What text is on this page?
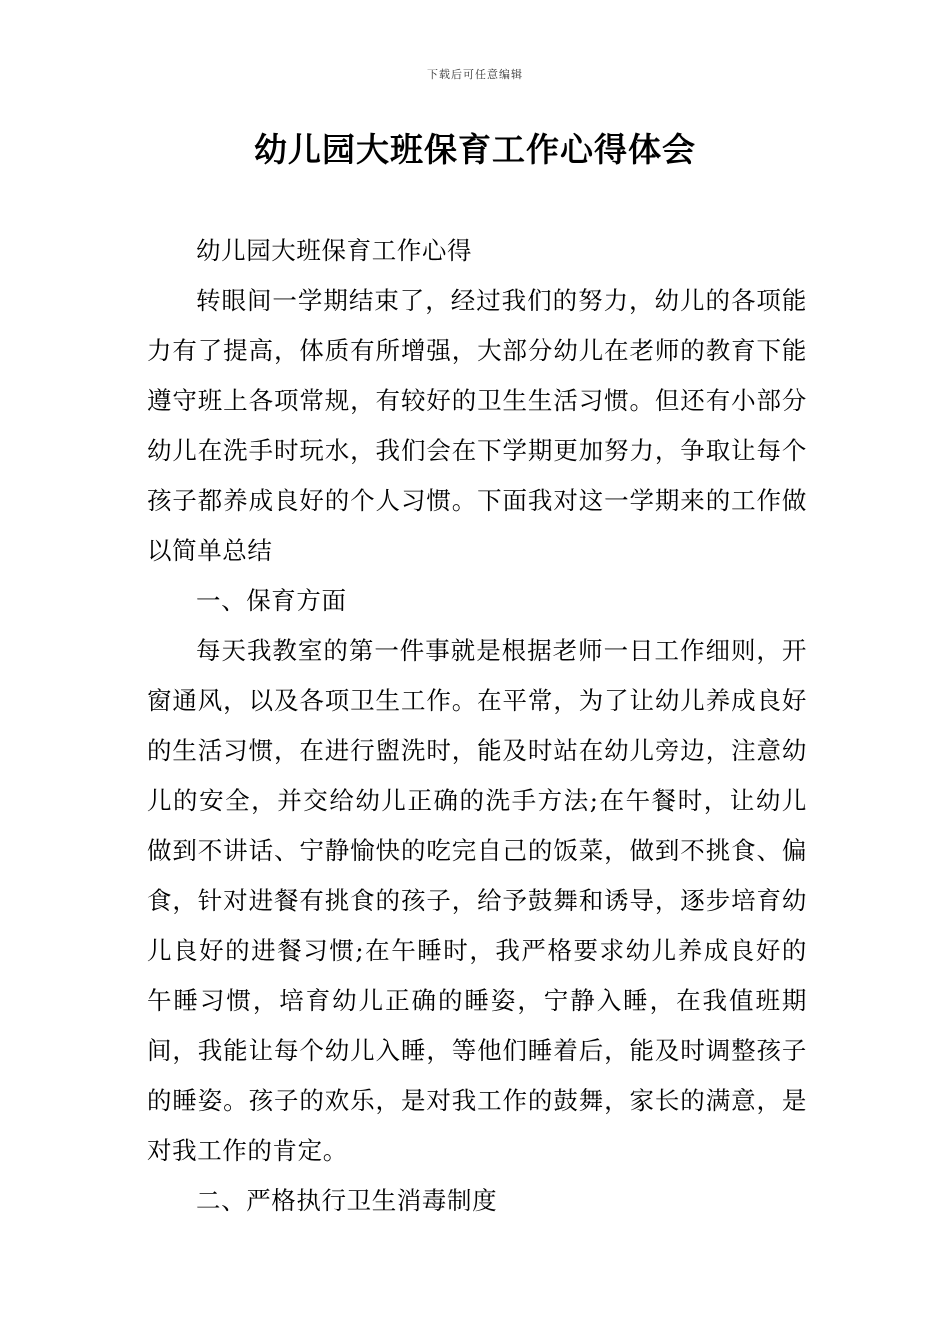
下载后可任意编辑
幼儿园大班保育工作心得体会

幼儿园大班保育工作心得

转眼间一学期结束了，经过我们的努力，幼儿的各项能力有了提高，体质有所增强，大部分幼儿在老师的教育下能遵守班上各项常规，有较好的卫生生活习惯。但还有小部分幼儿在洗手时玩水，我们会在下学期更加努力，争取让每个孩子都养成良好的个人习惯。下面我对这一学期来的工作做以简单总结

一、保育方面

每天我教室的第一件事就是根据老师一日工作细则，开窗通风，以及各项卫生工作。在平常，为了让幼儿养成良好的生活习惯，在进行盥洗时，能及时站在幼儿旁边，注意幼儿的安全，并交给幼儿正确的洗手方法;在午餐时，让幼儿做到不讲话、宁静愉快的吃完自己的饭菜，做到不挑食、偏食，针对进餐有挑食的孩子，给予鼓舞和诱导，逐步培育幼儿良好的进餐习惯;在午睡时，我严格要求幼儿养成良好的午睡习惯，培育幼儿正确的睡姿，宁静入睡，在我值班期间，我能让每个幼儿入睡，等他们睡着后，能及时调整孩子的睡姿。孩子的欢乐，是对我工作的鼓舞，家长的满意，是对我工作的肯定。

二、严格执行卫生消毒制度
